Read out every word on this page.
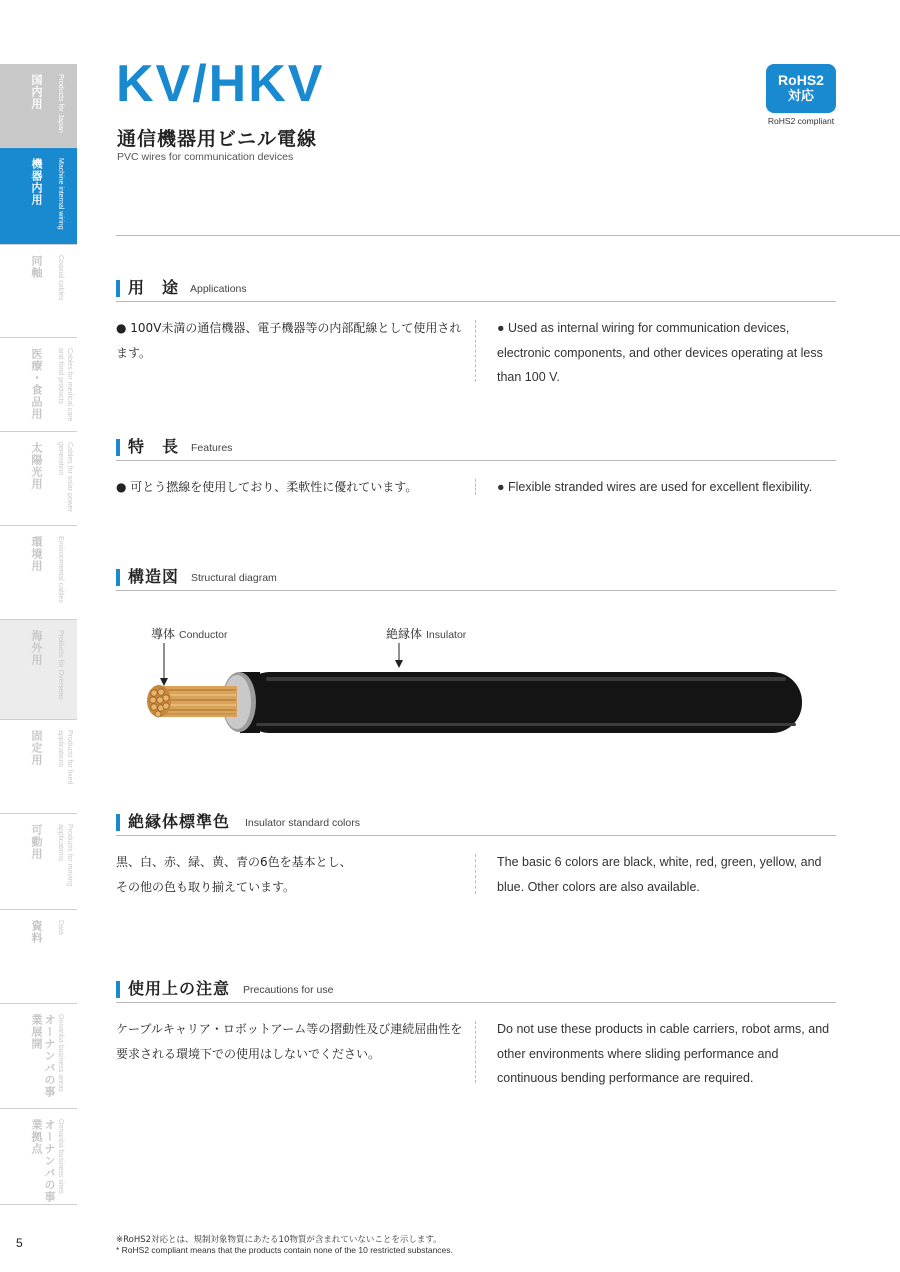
国内用 Products for Japan
機器内用 Machine internal wiring
同軸 Coaxial cables
医療・食品用	Cables for medical care and food products
太陽光用	Cables for solar power generation
環境用 Environmental cables
海外用 Products for Overseas
固定用	Products for fixed applications
可動用	Products for moving applications
資料 Data
オーナンバの事業展開	Oonanba business areas
オーナンバの事業拠点	Oonanba business sites
5
KV/HKV
通信機器用ビニル電線
PVC wires for communication devices
RoHS2
対応
RoHS2 compliant
用　途 Applications
● 100V未満の通信機器、電子機器等の内部配線として使用されます。
● Used as internal wiring for communication devices, electronic components, and other devices operating at less than 100 V.
特　長 Features
● 可とう撚線を使用しており、柔軟性に優れています。	● Flexible stranded wires are used for excellent flexibility.
構造図 Structural diagram
導体 Conductor	絶縁体 Insulator
絶縁体標準色 Insulator standard colors
黒、白、赤、緑、黄、青の6色を基本とし、
その他の色も取り揃えています。
The basic 6 colors are black, white, red, green, yellow, and blue. Other colors are also available.
使用上の注意 Precautions for use
ケーブルキャリア・ロボットアーム等の摺動性及び連続屈曲性を要求される環境下での使用はしないでください。
Do not use these products in cable carriers, robot arms, and other environments where sliding performance and continuous bending performance are required.
※RoHS2対応とは、規制対象物質にあたる10物質が含まれていないことを示します。
* RoHS2 compliant means that the products contain none of the 10 restricted substances.
